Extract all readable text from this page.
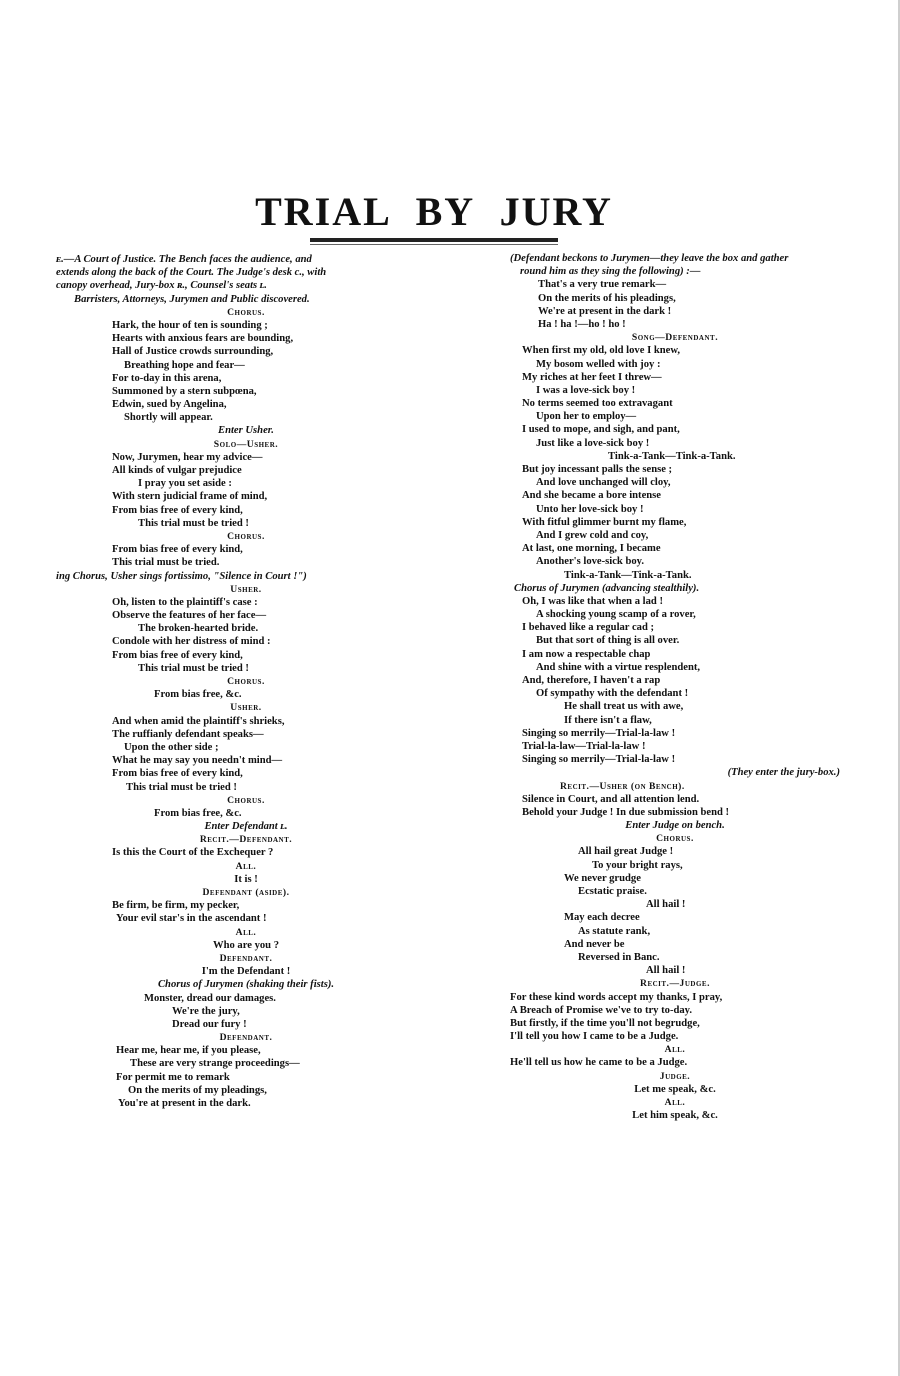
TRIAL BY JURY
ᴇ.—A Court of Justice. The Bench faces the audience, and
extends along the back of the Court. The Judge's desk c., with
canopy overhead, Jury-box ʀ., Counsel's seats ʟ.
Barristers, Attorneys, Jurymen and Public discovered.
Chorus.
Hark, the hour of ten is sounding ;
Hearts with anxious fears are bounding,
Hall of Justice crowds surrounding,
Breathing hope and fear—
For to-day in this arena,
Summoned by a stern subpœna,
Edwin, sued by Angelina,
Shortly will appear.
Enter Usher.
Solo—Usher.
Now, Jurymen, hear my advice—
All kinds of vulgar prejudice
I pray you set aside :
With stern judicial frame of mind,
From bias free of every kind,
This trial must be tried !
Chorus.
From bias free of every kind,
This trial must be tried.
ing Chorus, Usher sings fortissimo, "Silence in Court !")
Usher.
Oh, listen to the plaintiff's case :
Observe the features of her face—
The broken-hearted bride.
Condole with her distress of mind :
From bias free of every kind,
This trial must be tried !
Chorus.
From bias free, &c.
Usher.
And when amid the plaintiff's shrieks,
The ruffianly defendant speaks—
Upon the other side ;
What he may say you needn't mind—
From bias free of every kind,
This trial must be tried !
Chorus.
From bias free, &c.
Enter Defendant ʟ.
Recit.—Defendant.
Is this the Court of the Exchequer ?
All.
It is !
Defendant (aside).
Be firm, be firm, my pecker,
Your evil star's in the ascendant !
All.
Who are you ?
Defendant.
I'm the Defendant !
Chorus of Jurymen (shaking their fists).
Monster, dread our damages.
We're the jury,
Dread our fury !
Defendant.
Hear me, hear me, if you please,
These are very strange proceedings—
For permit me to remark
On the merits of my pleadings,
You're at present in the dark.
(Defendant beckons to Jurymen—they leave the box and gather
round him as they sing the following) :—
That's a very true remark—
On the merits of his pleadings,
We're at present in the dark !
Ha ! ha !—ho ! ho !
Song—Defendant.
When first my old, old love I knew,
My bosom welled with joy :
My riches at her feet I threw—
I was a love-sick boy !
No terms seemed too extravagant
Upon her to employ—
I used to mope, and sigh, and pant,
Just like a love-sick boy !
Tink-a-Tank—Tink-a-Tank.
But joy incessant palls the sense ;
And love unchanged will cloy,
And she became a bore intense
Unto her love-sick boy !
With fitful glimmer burnt my flame,
And I grew cold and coy,
At last, one morning, I became
Another's love-sick boy.
Tink-a-Tank—Tink-a-Tank.
Chorus of Jurymen (advancing stealthily).
Oh, I was like that when a lad !
A shocking young scamp of a rover,
I behaved like a regular cad ;
But that sort of thing is all over.
I am now a respectable chap
And shine with a virtue resplendent,
And, therefore, I haven't a rap
Of sympathy with the defendant !
He shall treat us with awe,
If there isn't a flaw,
Singing so merrily—Trial-la-law !
Trial-la-law—Trial-la-law !
Singing so merrily—Trial-la-law !
(They enter the jury-box.)
Recit.—Usher (on Bench).
Silence in Court, and all attention lend.
Behold your Judge ! In due submission bend !
Enter Judge on bench.
Chorus.
All hail great Judge !
To your bright rays,
We never grudge
Ecstatic praise.
All hail !
May each decree
As statute rank,
And never be
Reversed in Banc.
All hail !
Recit.—Judge.
For these kind words accept my thanks, I pray,
A Breach of Promise we've to try to-day.
But firstly, if the time you'll not begrudge,
I'll tell you how I came to be a Judge.
All.
He'll tell us how he came to be a Judge.
Judge.
Let me speak, &c.
All.
Let him speak, &c.
